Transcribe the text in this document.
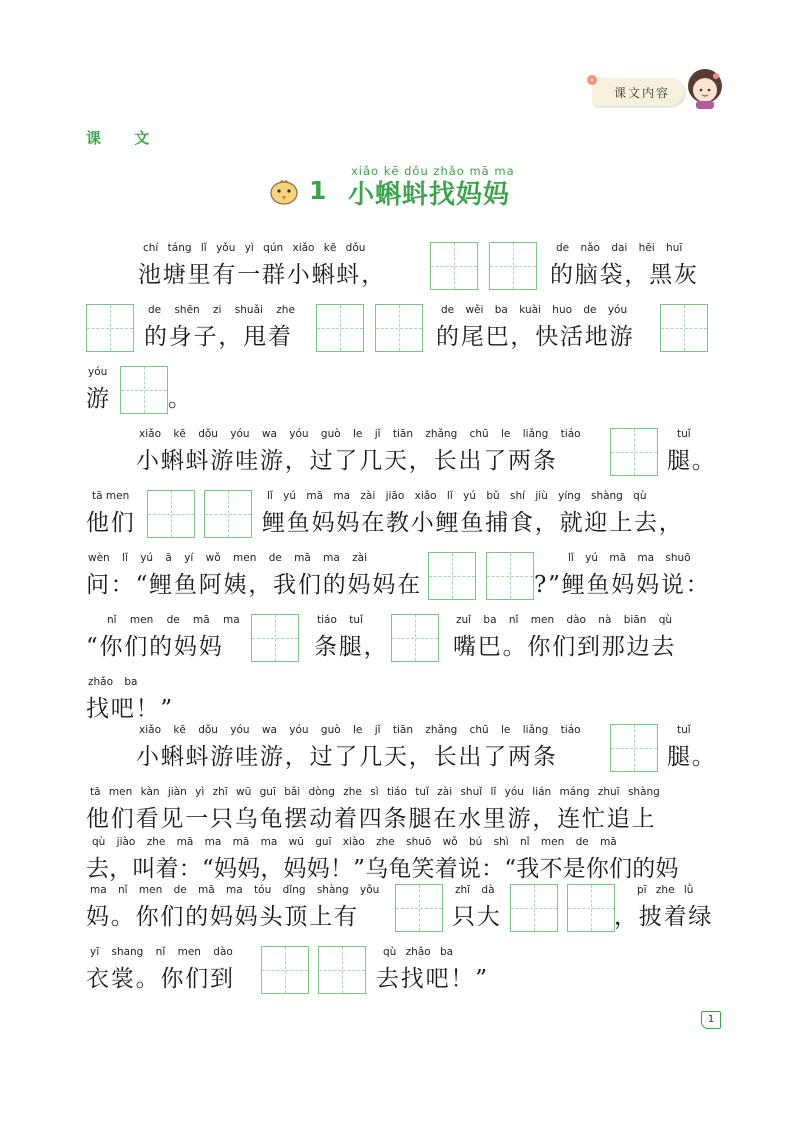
课文内容
课 文
xiǎo kē dǒu zhǎo mā ma
1 小蝌蚪找妈妈
chí táng lǐ yǒu yì qún xiǎo kē dǒu
池塘里有一群小蝌蚪，
de nǎo dai hēi huī
的脑袋，黑灰
de shēn zi shuǎi zhe
的身子，甩着
de wěi ba kuài huo de yóu
的尾巴，快活地游
yóu
游 。
xiǎo kē dǒu yóu wa yóu guò le jǐ tiān zhǎng chū le liǎng tiáo
小蝌蚪游哇游，过了几天，长出了两条
tuǐ
腿。
tā men
他们
lǐ yú mā ma zài jiāo xiǎo lǐ yú bǔ shí jiù yíng shàng qù
鲤鱼妈妈在教小鲤鱼捕食，就迎上去，
wèn lǐ yú ā yí wǒ men de mā ma zài
问：“鲤鱼阿姨，我们的妈妈在
lǐ yú mā ma shuō
?”鲤鱼妈妈说：
nǐ men de mā ma
“你们的妈妈
tiáo tuǐ
条腿，
zuǐ ba nǐ men dào nà biān qù
嘴巴。你们到那边去
zhǎo ba
找吧！”
xiǎo kē dǒu yóu wa yóu guò le jǐ tiān zhǎng chū le liǎng tiáo
小蝌蚪游哇游，过了几天，长出了两条
tuǐ
腿。
tā men kàn jiàn yì zhī wū guī bǎi dòng zhe sì tiáo tuǐ zài shuǐ lǐ yóu lián máng zhuī shàng
他们看见一只乌龟摆动着四条腿在水里游，连忙追上
qù jiào zhe mā ma mā ma wū guī xiào zhe shuō wǒ bú shì nǐ men de mā
去，叫着：“妈妈，妈妈！”乌龟笑着说：“我不是你们的妈
ma nǐ men de mā ma tóu dǐng shàng yǒu
妈。你们的妈妈头顶上有
zhī dà
只大
pī zhe lǜ
，披着绿
yī shang nǐ men dào
衣裳。你们到
qù zhǎo ba
去找吧！”
1
